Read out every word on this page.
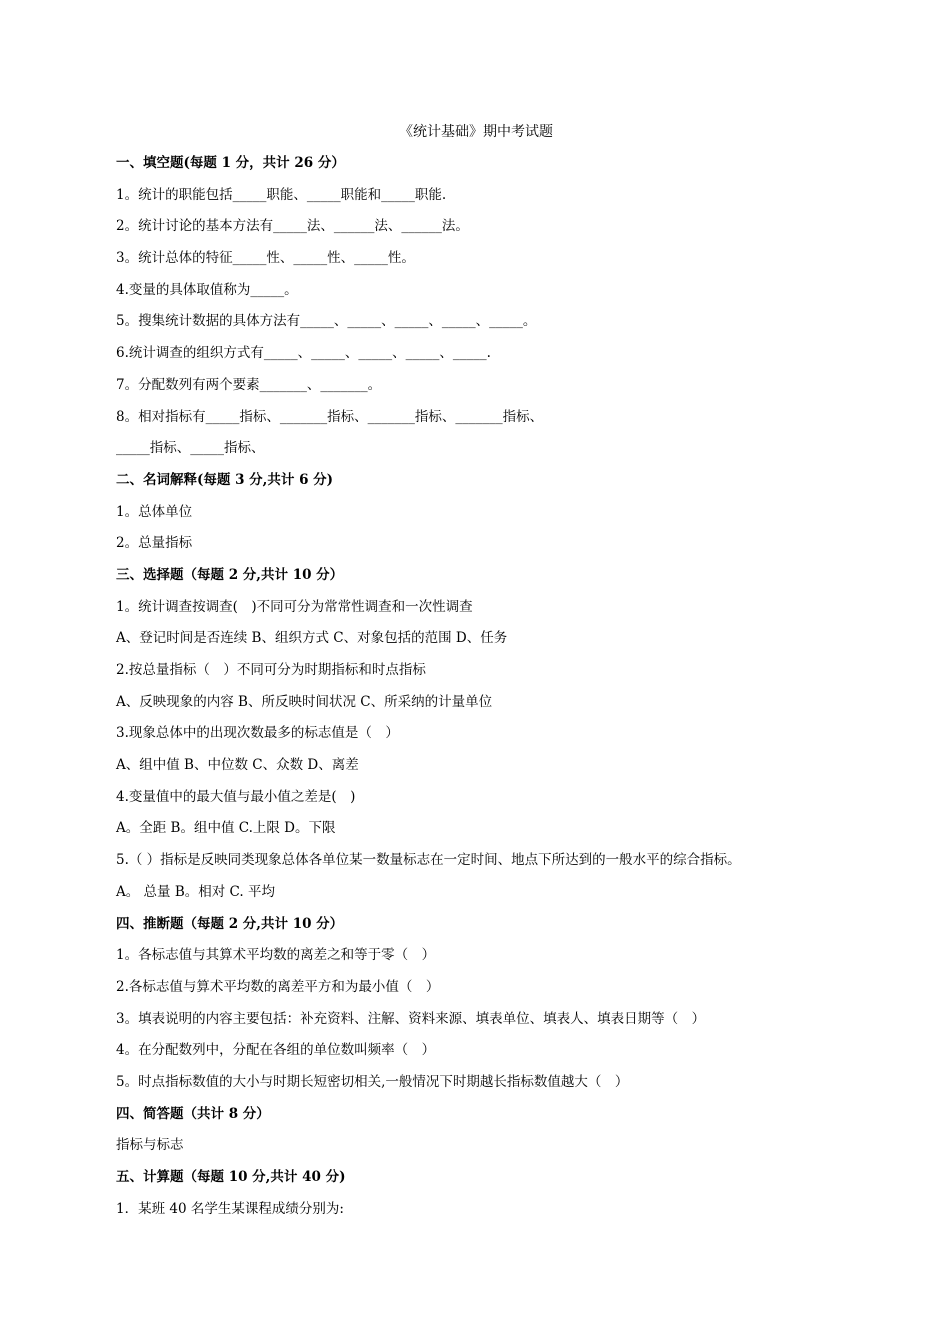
《统计基础》期中考试题
一、填空题(每题 1 分，共计 26 分）
1。统计的职能包括_____职能、_____职能和_____职能.
2。统计讨论的基本方法有_____法、______法、______法。
3。统计总体的特征_____性、_____性、_____性。
4.变量的具体取值称为_____。
5。搜集统计数据的具体方法有_____、_____、_____、_____、_____。
6.统计调查的组织方式有_____、_____、_____、_____、_____.
7。分配数列有两个要素_______、_______。
8。相对指标有_____指标、_______指标、_______指标、_______指标、
_____指标、_____指标、
二、名词解释(每题 3 分,共计 6 分)
1。总体单位
2。总量指标
三、选择题（每题 2 分,共计 10 分）
1。统计调查按调查(　)不同可分为常常性调查和一次性调查
A、登记时间是否连续 B、组织方式 C、对象包括的范围 D、任务
2.按总量指标（　）不同可分为时期指标和时点指标
A、反映现象的内容 B、所反映时间状况 C、所采纳的计量单位
3.现象总体中的出现次数最多的标志值是（　）
A、组中值 B、中位数 C、众数 D、离差
4.变量值中的最大值与最小值之差是(　)
A。全距 B。组中值 C.上限 D。下限
5.（ ）指标是反映同类现象总体各单位某一数量标志在一定时间、地点下所达到的一般水平的综合指标。
A。 总量 B。相对 C. 平均
四、推断题（每题 2 分,共计 10 分）
1。各标志值与其算术平均数的离差之和等于零（　）
2.各标志值与算术平均数的离差平方和为最小值（　）
3。填表说明的内容主要包括：补充资料、注解、资料来源、填表单位、填表人、填表日期等（　）
4。在分配数列中，分配在各组的单位数叫频率（　）
5。时点指标数值的大小与时期长短密切相关,一般情况下时期越长指标数值越大（　）
四、简答题（共计 8 分）
指标与标志
五、计算题（每题 10 分,共计 40 分)
1．某班 40 名学生某课程成绩分别为:
